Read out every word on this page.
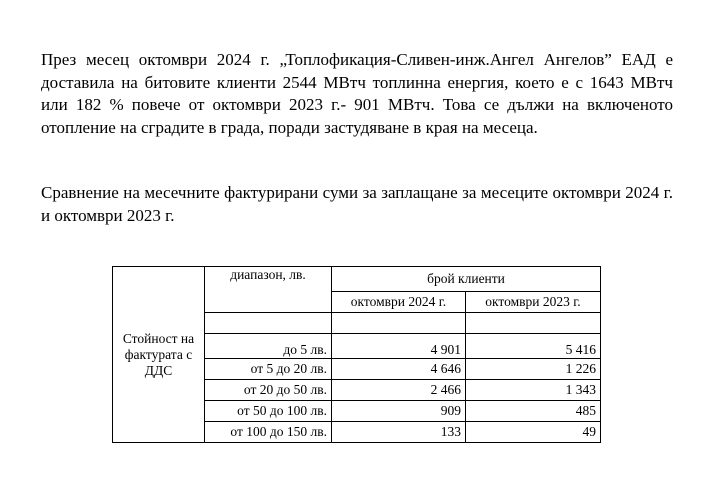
През месец октомври 2024 г. „Топлофикация-Сливен-инж.Ангел Ангелов” ЕАД е доставила на битовите клиенти 2544 МВтч топлинна енергия, което е с 1643 МВтч или 182 % повече от октомври 2023 г.- 901 МВтч. Това се дължи на включеното отопление на сградите в града, поради застудяване в края на месеца.

Сравнение на месечните фактурирани суми за заплащане за месеците октомври 2024 г. и октомври 2023 г.

Стойност на фактурата с ДДС	диапазон, лв.	брой клиенти	
		октомври 2024 г.	октомври 2023 г.

	до 5 лв.	4 901	5 416
	от 5 до 20 лв.	4 646	1 226
	от 20 до 50 лв.	2 466	1 343
	от 50 до 100 лв.	909	485
	от 100 до 150 лв.	133	49
